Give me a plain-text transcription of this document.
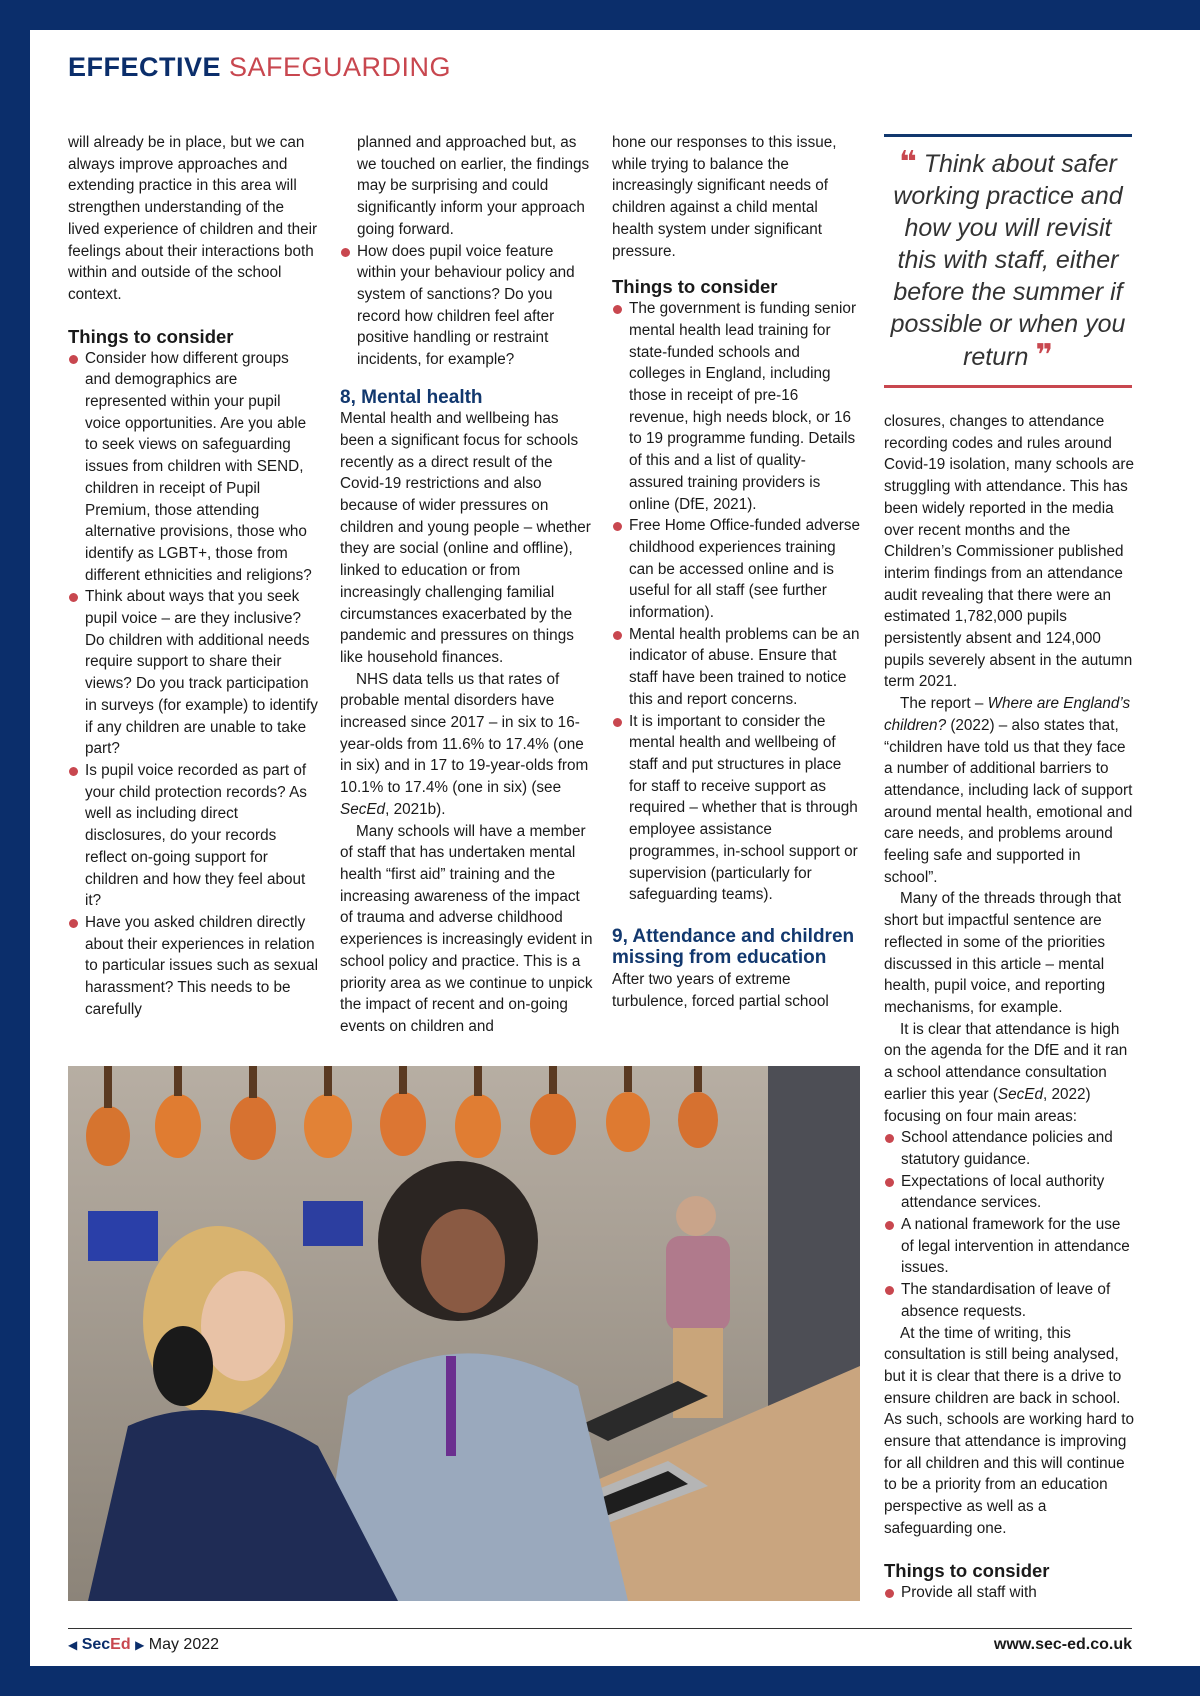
EFFECTIVE SAFEGUARDING

will already be in place, but we can always improve approaches and extending practice in this area will strengthen understanding of the lived experience of children and their feelings about their interactions both within and outside of the school context.

Things to consider
Consider how different groups and demographics are represented within your pupil voice opportunities. Are you able to seek views on safeguarding issues from children with SEND, children in receipt of Pupil Premium, those attending alternative provisions, those who identify as LGBT+, those from different ethnicities and religions?
Think about ways that you seek pupil voice – are they inclusive? Do children with additional needs require support to share their views? Do you track participation in surveys (for example) to identify if any children are unable to take part?
Is pupil voice recorded as part of your child protection records? As well as including direct disclosures, do your records reflect on-going support for children and how they feel about it?
Have you asked children directly about their experiences in relation to particular issues such as sexual harassment? This needs to be carefully

planned and approached but, as we touched on earlier, the findings may be surprising and could significantly inform your approach going forward.

How does pupil voice feature within your behaviour policy and system of sanctions? Do you record how children feel after positive handling or restraint incidents, for example?
8, Mental health

Mental health and wellbeing has been a significant focus for schools recently as a direct result of the Covid-19 restrictions and also because of wider pressures on children and young people – whether they are social (online and offline), linked to education or from increasingly challenging familial circumstances exacerbated by the pandemic and pressures on things like household finances.

NHS data tells us that rates of probable mental disorders have increased since 2017 – in six to 16-year-olds from 11.6% to 17.4% (one in six) and in 17 to 19-year-olds from 10.1% to 17.4% (one in six) (see SecEd, 2021b).

Many schools will have a member of staff that has undertaken mental health “first aid” training and the increasing awareness of the impact of trauma and adverse childhood experiences is increasingly evident in school policy and practice. This is a priority area as we continue to unpick the impact of recent and on-going events on children and

hone our responses to this issue, while trying to balance the increasingly significant needs of children against a child mental health system under significant pressure.

Things to consider
The government is funding senior mental health lead training for state-funded schools and colleges in England, including those in receipt of pre-16 revenue, high needs block, or 16 to 19 programme funding. Details of this and a list of quality-assured training providers is online (DfE, 2021).
Free Home Office-funded adverse childhood experiences training can be accessed online and is useful for all staff (see further information).
Mental health problems can be an indicator of abuse. Ensure that staff have been trained to notice this and report concerns.
It is important to consider the mental health and wellbeing of staff and put structures in place for staff to receive support as required – whether that is through employee assistance programmes, in-school support or supervision (particularly for safeguarding teams).
9, Attendance and children missing from education

After two years of extreme turbulence, forced partial school

❝ Think about safer working practice and how you will revisit this with staff, either before the summer if possible or when you return ❞

closures, changes to attendance recording codes and rules around Covid-19 isolation, many schools are struggling with attendance. This has been widely reported in the media over recent months and the Children’s Commissioner published interim findings from an attendance audit revealing that there were an estimated 1,782,000 pupils persistently absent and 124,000 pupils severely absent in the autumn term 2021.

The report – Where are England’s children? (2022) – also states that, “children have told us that they face a number of additional barriers to attendance, including lack of support around mental health, emotional and care needs, and problems around feeling safe and supported in school”.

Many of the threads through that short but impactful sentence are reflected in some of the priorities discussed in this article – mental health, pupil voice, and reporting mechanisms, for example.

It is clear that attendance is high on the agenda for the DfE and it ran a school attendance consultation earlier this year (SecEd, 2022) focusing on four main areas:

School attendance policies and statutory guidance.
Expectations of local authority attendance services.
A national framework for the use of legal intervention in attendance issues.
The standardisation of leave of absence requests.

At the time of writing, this consultation is still being analysed, but it is clear that there is a drive to ensure children are back in school. As such, schools are working hard to ensure that attendance is improving for all children and this will continue to be a priority from an education perspective as well as a safeguarding one.

Things to consider
Provide all staff with
◀ SecEd ▶ May 2022	www.sec-ed.co.uk
